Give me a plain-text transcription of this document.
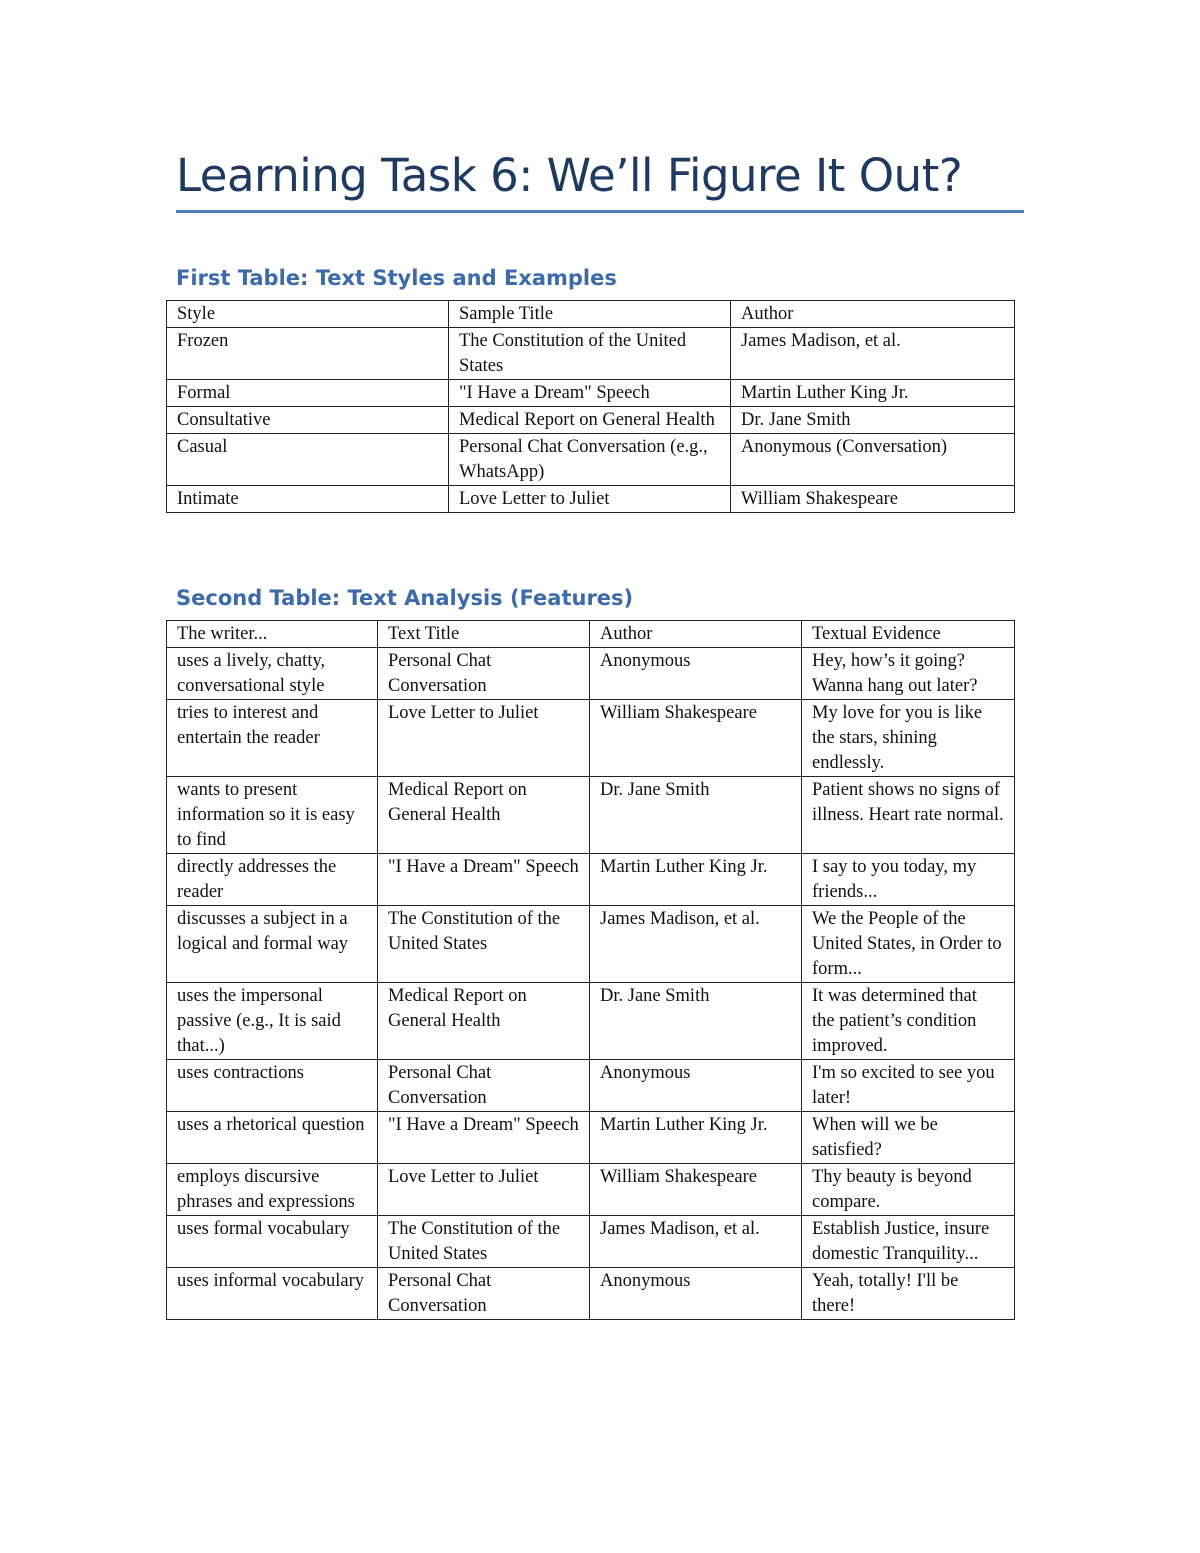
Learning Task 6: We’ll Figure It Out?
First Table: Text Styles and Examples
Style	Sample Title	Author
Frozen	The Constitution of the United States	James Madison, et al.
Formal	"I Have a Dream" Speech	Martin Luther King Jr.
Consultative	Medical Report on General Health	Dr. Jane Smith
Casual	Personal Chat Conversation (e.g., WhatsApp)	Anonymous (Conversation)
Intimate	Love Letter to Juliet	William Shakespeare
Second Table: Text Analysis (Features)
The writer...	Text Title	Author	Textual Evidence
uses a lively, chatty, conversational style	Personal Chat Conversation	Anonymous	Hey, how’s it going? Wanna hang out later?
tries to interest and entertain the reader	Love Letter to Juliet	William Shakespeare	My love for you is like the stars, shining endlessly.
wants to present information so it is easy to find	Medical Report on General Health	Dr. Jane Smith	Patient shows no signs of illness. Heart rate normal.
directly addresses the reader	"I Have a Dream" Speech	Martin Luther King Jr.	I say to you today, my friends...
discusses a subject in a logical and formal way	The Constitution of the United States	James Madison, et al.	We the People of the United States, in Order to form...
uses the impersonal passive (e.g., It is said that...)	Medical Report on General Health	Dr. Jane Smith	It was determined that the patient’s condition improved.
uses contractions	Personal Chat Conversation	Anonymous	I'm so excited to see you later!
uses a rhetorical question	"I Have a Dream" Speech	Martin Luther King Jr.	When will we be satisfied?
employs discursive phrases and expressions	Love Letter to Juliet	William Shakespeare	Thy beauty is beyond compare.
uses formal vocabulary	The Constitution of the United States	James Madison, et al.	Establish Justice, insure domestic Tranquility...
uses informal vocabulary	Personal Chat Conversation	Anonymous	Yeah, totally! I'll be there!
